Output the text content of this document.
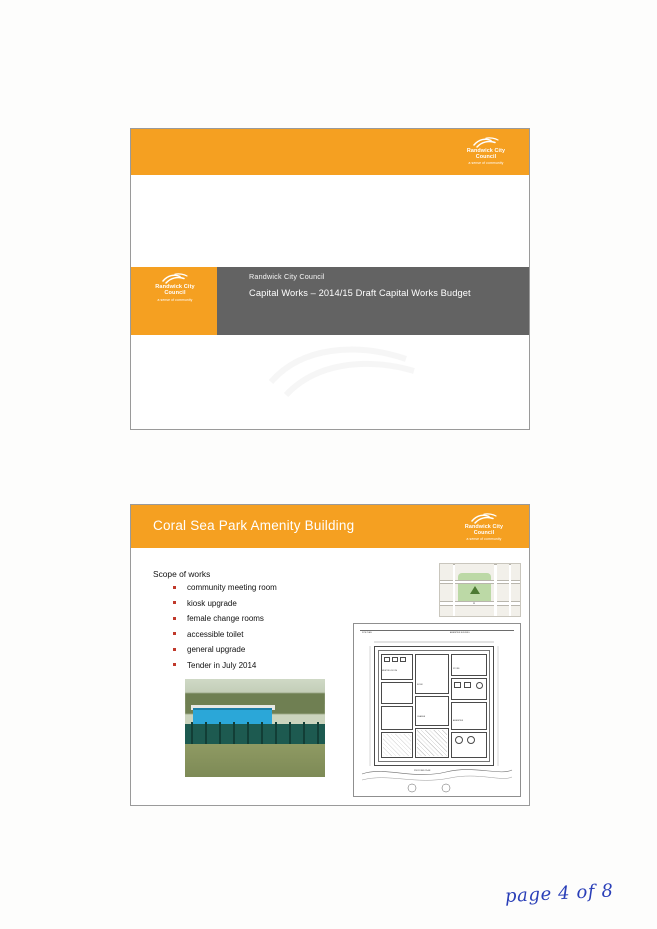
Randwick City
Council
a sense of community
Randwick City
Council
a sense of community
Randwick City Council
Capital Works – 2014/15 Draft Capital Works Budget
Coral Sea Park Amenity Building	Randwick City
Council
a sense of community
Scope of works
community meeting room
kiosk upgrade
female change rooms
accessible toilet
general upgrade
Tender in July 2014
A
SITE PLAN	AMENITIES BUILDING
MEETING ROOM
KIOSK
STORE
CHANGE
AMENITIES
PROPOSED PLAN
page 4 of 8
